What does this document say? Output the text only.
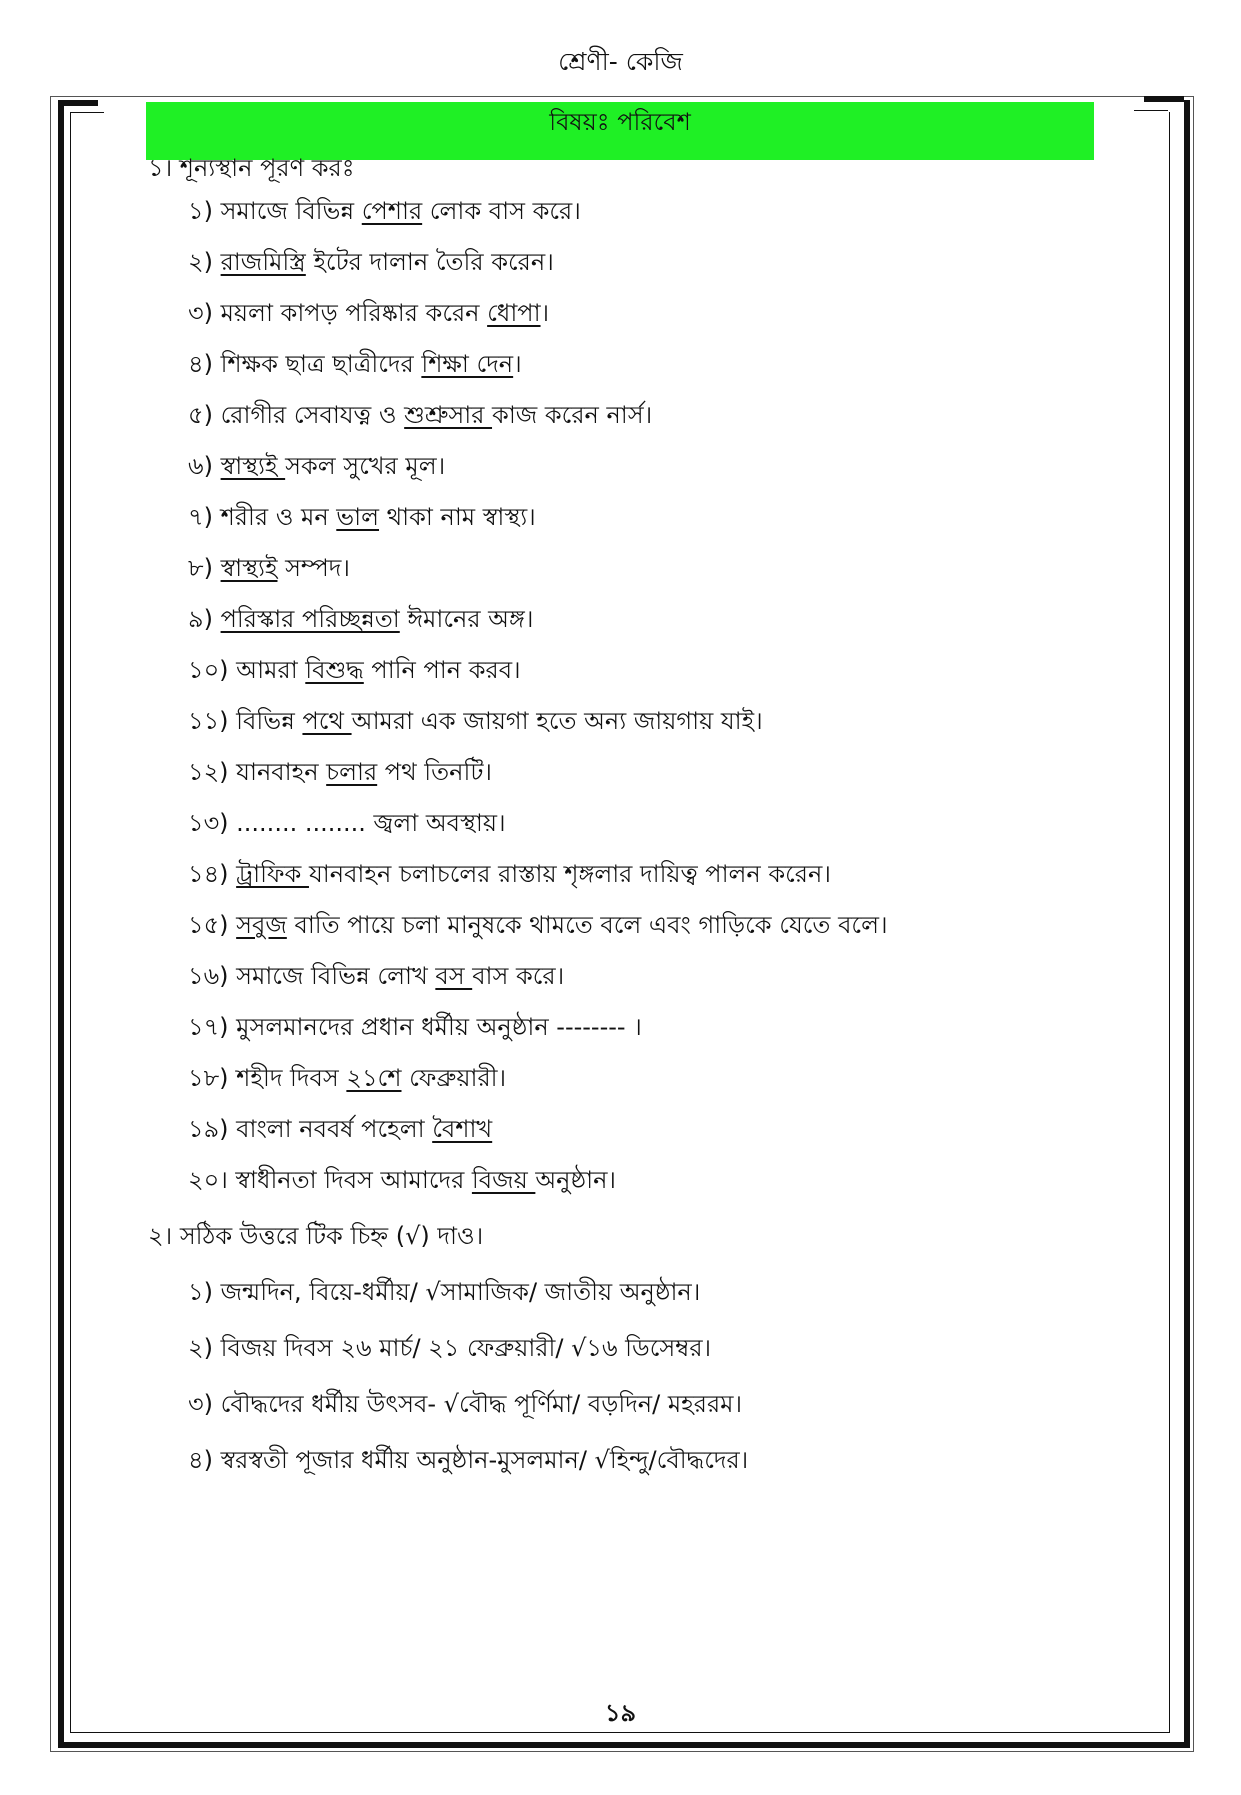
শ্রেণী- কেজি
বিষয়ঃ পরিবেশ
১। শূন্যস্থান পূরণ করঃ
১) সমাজে বিভিন্ন পেশার লোক বাস করে।
২) রাজমিস্ত্রি ইটের দালান তৈরি করেন।
৩) ময়লা কাপড় পরিষ্কার করেন ধোপা।
৪) শিক্ষক ছাত্র ছাত্রীদের শিক্ষা দেন।
৫) রোগীর সেবাযত্ন ও শুশ্রুসার কাজ করেন নার্স।
৬) স্বাস্থ্যই সকল সুখের মূল।
৭) শরীর ও মন ভাল থাকা নাম স্বাস্থ্য।
৮) স্বাস্থ্যই সম্পদ।
৯) পরিস্কার পরিচ্ছন্নতা ঈমানের অঙ্গ।
১০) আমরা বিশুদ্ধ পানি পান করব।
১১) বিভিন্ন পথে আমরা এক জায়গা হতে অন্য জায়গায় যাই।
১২) যানবাহন চলার পথ তিনটি।
১৩) ........ ........ জ্বলা অবস্থায়।
১৪) ট্রাফিক যানবাহন চলাচলের রাস্তায় শৃঙ্গলার দায়িত্ব পালন করেন।
১৫) সবুজ বাতি পায়ে চলা মানুষকে থামতে বলে এবং গাড়িকে যেতে বলে।
১৬) সমাজে বিভিন্ন লোখ বস বাস করে।
১৭) মুসলমানদের প্রধান ধর্মীয় অনুষ্ঠান -------- ।
১৮) শহীদ দিবস ২১শে ফেব্রুয়ারী।
১৯) বাংলা নববর্ষ পহেলা বৈশাখ
২০। স্বাধীনতা দিবস আমাদের বিজয় অনুষ্ঠান।
২। সঠিক উত্তরে টিক চিহ্ন (√) দাও।
১) জন্মদিন, বিয়ে-ধর্মীয়/ √সামাজিক/ জাতীয় অনুষ্ঠান।
২) বিজয় দিবস ২৬ মার্চ/ ২১ ফেব্রুয়ারী/ √১৬ ডিসেম্বর।
৩) বৌদ্ধদের ধর্মীয় উৎসব- √বৌদ্ধ পূর্ণিমা/ বড়দিন/ মহররম।
৪) স্বরস্বতী পূজার ধর্মীয় অনুষ্ঠান-মুসলমান/ √হিন্দু/বৌদ্ধদের।
১৯
